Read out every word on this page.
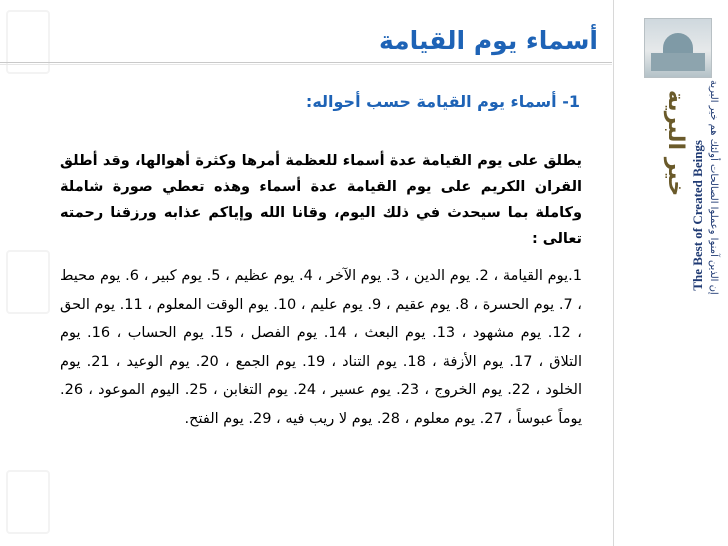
خير البرية The Best of Created Beings إن الذين آمنوا وعملوا الصالحات أولئك هم خير البرية
أسماء يوم القيامة
1- أسماء يوم القيامة حسب أحواله:

يطلق على يوم القيامة عدة أسماء للعظمة أمرها وكثرة أهوالها، وقد أطلق القران الكريم على يوم القيامة عدة أسماء وهذه تعطي صورة شاملة وكاملة بما سيحدث في ذلك اليوم، وقانا الله وإياكم عذابه ورزقنا رحمته تعالى :

1.يوم القيامة ، 2. يوم الدين ، 3. يوم الآخر ، 4. يوم عظيم ، 5. يوم كبير ، 6. يوم محيط ، 7. يوم الحسرة ، 8. يوم عقيم ، 9. يوم عليم ، 10. يوم الوقت المعلوم ، 11. يوم الحق ، 12. يوم مشهود ، 13. يوم البعث ، 14. يوم الفصل ، 15. يوم الحساب ، 16. يوم التلاق ، 17. يوم الأزفة ، 18. يوم التناد ، 19. يوم الجمع ، 20. يوم الوعيد ، 21. يوم الخلود ، 22. يوم الخروج ، 23. يوم عسير ، 24. يوم التغابن ، 25. اليوم الموعود ، 26. يوماً عبوساً ، 27. يوم معلوم ، 28. يوم لا ريب فيه ، 29. يوم الفتح.
